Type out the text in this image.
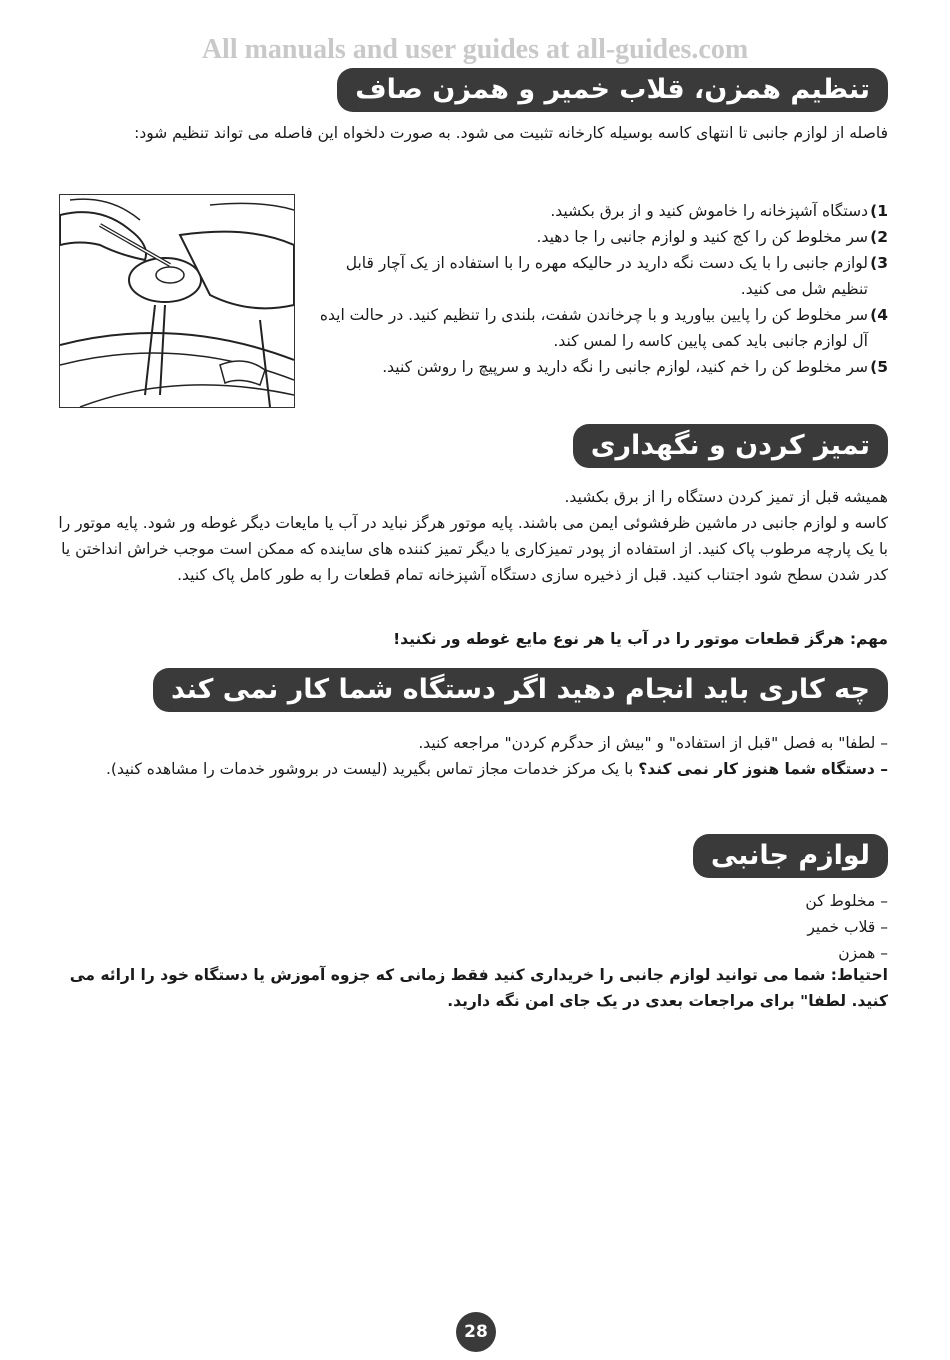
All manuals and user guides at all-guides.com
تنظیم همزن، قلاب خمیر و همزن صاف
فاصله از لوازم جانبی تا انتهای کاسه بوسیله کارخانه تثبیت می شود. به صورت دلخواه این فاصله می تواند تنظیم شود:
1)
دستگاه آشپزخانه را خاموش کنید و از برق بکشید.
2)
سر مخلوط کن را کج کنید و لوازم جانبی را جا دهید.
3)
لوازم جانبی را با یک دست نگه دارید در حالیکه مهره را با استفاده از یک آچار قابل تنظیم شل می کنید.
4)
سر مخلوط کن را پایین بیاورید و با چرخاندن شفت، بلندی را تنظیم کنید. در حالت ایده آل لوازم جانبی باید کمی پایین کاسه را لمس کند.
5)
سر مخلوط کن را خم کنید، لوازم جانبی را نگه دارید و سرپیچ را روشن کنید.
تمیز کردن و نگهداری

همیشه قبل از تمیز کردن دستگاه را از برق بکشید.

کاسه و لوازم جانبی در ماشین ظرفشوئی ایمن می باشند. پایه موتور هرگز نباید در آب یا مایعات دیگر غوطه ور شود. پایه موتور را با یک پارچه مرطوب پاک کنید. از استفاده از پودر تمیزکاری یا دیگر تمیز کننده های ساینده که ممکن است موجب خراش انداختن یا کدر شدن سطح شود اجتناب کنید. قبل از ذخیره سازی دستگاه آشپزخانه تمام قطعات را به طور کامل پاک کنید.

مهم: هرگز قطعات موتور را در آب یا هر نوع مایع غوطه ور نکنید!
چه کاری باید انجام دهید اگر دستگاه شما کار نمی کند

– لطفا" به فصل "قبل از استفاده" و "بیش از حدگرم کردن" مراجعه کنید.

– دستگاه شما هنوز کار نمی کند؟ با یک مرکز خدمات مجاز تماس بگیرید (لیست در بروشور خدمات را مشاهده کنید).

لوازم جانبی
– مخلوط کن
– قلاب خمیر
– همزن
احتیاط: شما می توانید لوازم جانبی را خریداری کنید فقط زمانی که جزوه آموزش یا دستگاه خود را ارائه می کنید. لطفا" برای مراجعات بعدی در یک جای امن نگه دارید.
28
